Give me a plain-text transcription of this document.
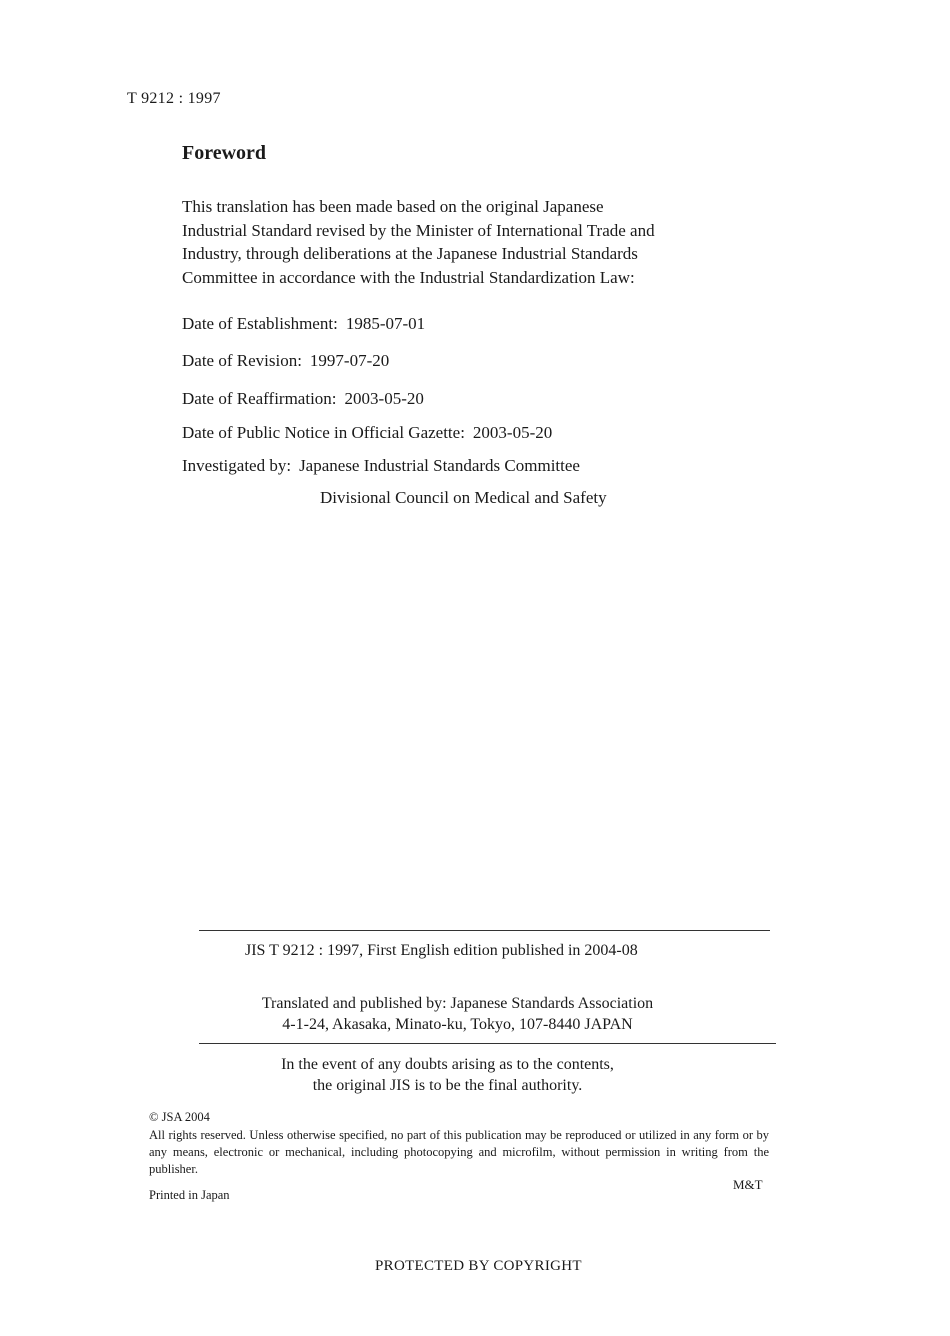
T 9212 : 1997
Foreword
This translation has been made based on the original Japanese
Industrial Standard revised by the Minister of International Trade and
Industry, through deliberations at the Japanese Industrial Standards
Committee in accordance with the Industrial Standardization Law:
Date of Establishment: 1985-07-01
Date of Revision: 1997-07-20
Date of Reaffirmation: 2003-05-20
Date of Public Notice in Official Gazette: 2003-05-20
Investigated by: Japanese Industrial Standards Committee
Divisional Council on Medical and Safety
JIS T 9212 : 1997, First English edition published in 2004-08
Translated and published by: Japanese Standards Association
4-1-24, Akasaka, Minato-ku, Tokyo, 107-8440 JAPAN
In the event of any doubts arising as to the contents,
the original JIS is to be the final authority.
© JSA 2004
All rights reserved. Unless otherwise specified, no part of this publication may be reproduced or utilized in any form or by any means, electronic or mechanical, including photocopying and microfilm, without permission in writing from the publisher.
M&T
Printed in Japan
PROTECTED BY COPYRIGHT
